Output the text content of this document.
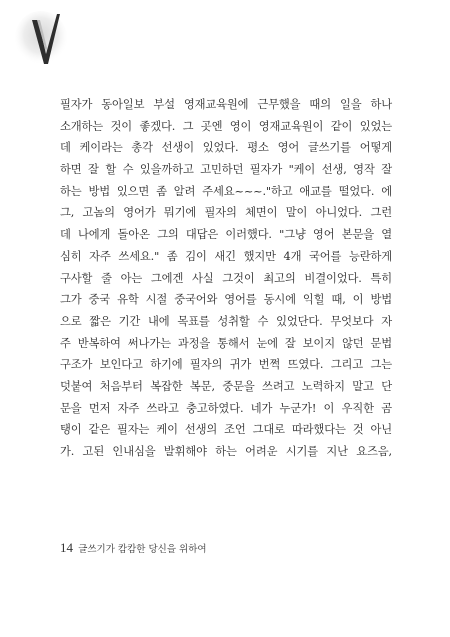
필자가 동아일보 부설 영재교육원에 근무했을 때의 일을 하나
소개하는 것이 좋겠다. 그 곳엔 영이 영재교육원이 같이 있었는
데 케이라는 총각 선생이 있었다. 평소 영어 글쓰기를 어떻게
하면 잘 할 수 있을까하고 고민하던 필자가 "케이 선생, 영작 잘
하는 방법 있으면 좀 알려 주세요~~~."하고 애교를 떨었다. 에
그, 고놈의 영어가 뭐기에 필자의 체면이 말이 아니었다. 그런
데 나에게 돌아온 그의 대답은 이러했다. "그냥 영어 본문을 열
심히 자주 쓰세요." 좀 김이 새긴 했지만 4개 국어를 능란하게
구사할 줄 아는 그에겐 사실 그것이 최고의 비결이었다. 특히
그가 중국 유학 시절 중국어와 영어를 동시에 익힐 때, 이 방법
으로 짧은 기간 내에 목표를 성취할 수 있었단다. 무엇보다 자
주 반복하여 써나가는 과정을 통해서 눈에 잘 보이지 않던 문법
구조가 보인다고 하기에 필자의 귀가 번쩍 뜨였다. 그리고 그는
덧붙여 처음부터 복잡한 복문, 중문을 쓰려고 노력하지 말고 단
문을 먼저 자주 쓰라고 충고하였다. 네가 누군가! 이 우직한 곰
탱이 같은 필자는 케이 선생의 조언 그대로 따라했다는 것 아닌
가. 고된 인내심을 발휘해야 하는 어려운 시기를 지난 요즈음,
14 글쓰기가 캄캄한 당신을 위하여
